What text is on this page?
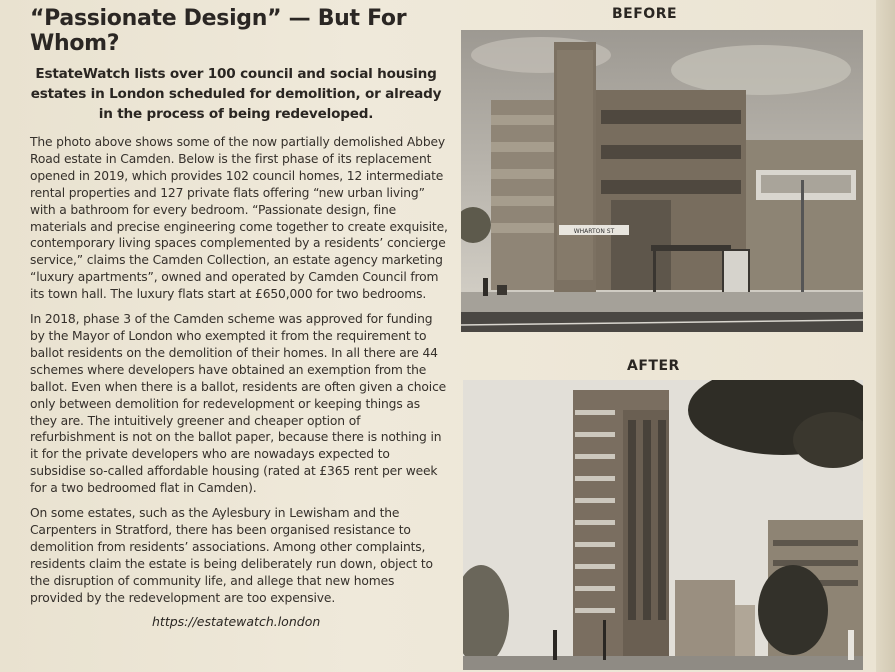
“Passionate Design” — But For Whom?
EstateWatch lists over 100 council and social housing estates in London scheduled for demolition, or already in the process of being redeveloped.

The photo above shows some of the now partially demolished Abbey Road estate in Camden. Below is the first phase of its replacement opened in 2019, which provides 102 council homes, 12 intermediate rental properties and 127 private flats offering “new urban living” with a bathroom for every bedroom. “Passionate design, fine materials and precise engineering come together to create exquisite, contemporary living spaces complemented by a residents’ concierge service,” claims the Camden Collection, an estate agency marketing “luxury apartments”, owned and operated by Camden Council from its town hall. The luxury flats start at £650,000 for two bedrooms.

In 2018, phase 3 of the Camden scheme was approved for funding by the Mayor of London who exempted it from the requirement to ballot residents on the demolition of their homes. In all there are 44 schemes where developers have obtained an exemption from the ballot. Even when there is a ballot, residents are often given a choice only between demolition for redevelopment or keeping things as they are. The intuitively greener and cheaper option of refurbishment is not on the ballot paper, because there is nothing in it for the private developers who are nowadays expected to subsidise so-called affordable housing (rated at £365 rent per week for a two bedroomed flat in Camden).

On some estates, such as the Aylesbury in Lewisham and the Carpenters in Stratford, there has been organised resistance to demolition from residents’ associations. Among other complaints, residents claim the estate is being deliberately run down, object to the disruption of community life, and allege that new homes provided by the redevelopment are too expensive.

https://estatewatch.london
BEFORE
WHARTON ST
AFTER
